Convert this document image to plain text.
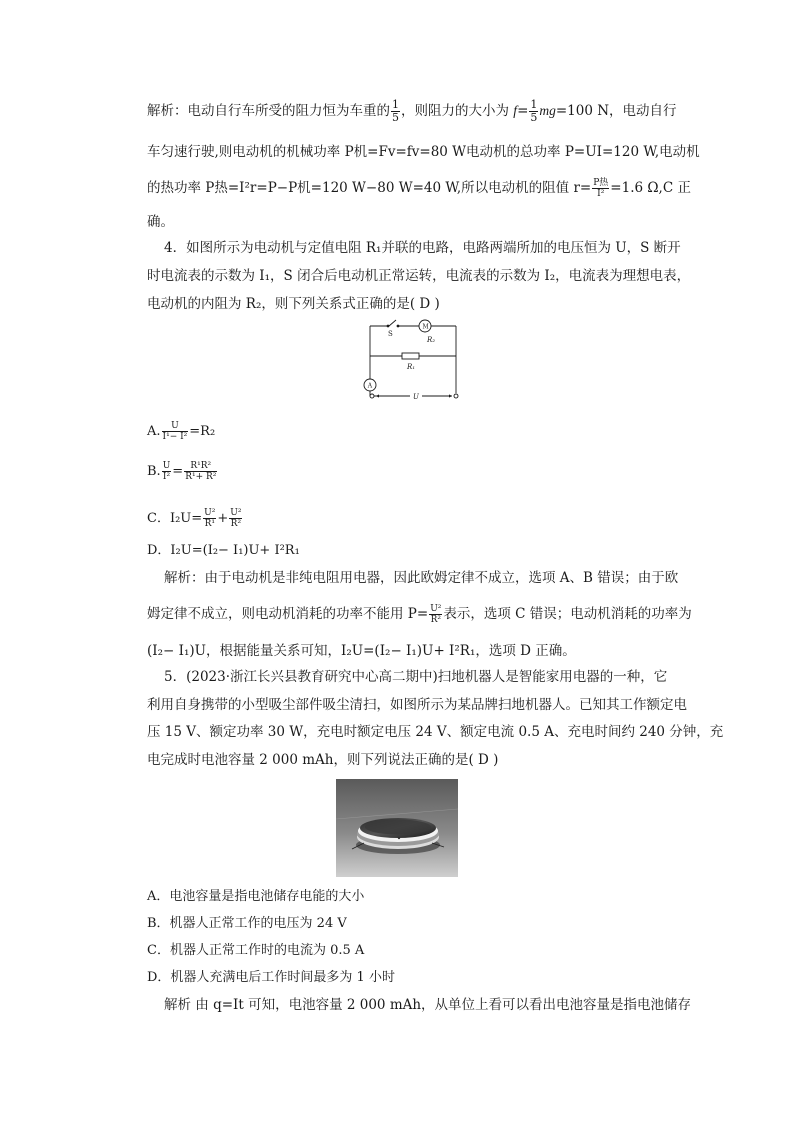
解析：电动自行车所受的阻力恒为车重的 $\frac{1}{5}$ ，则阻力的大小为 $f= \frac{1}{5} mg=100$ N，电动自行
车匀速行驶,则电动机的机械功率 P机=Fv=fv=80 W电动机的总功率 P=UI=120 W,电动机
的热功率 P热=I²r=P−P机=120 W−80 W=40 W,所以电动机的阻值 $r= \frac{\text{P热}}{\text{I²}} =1.6$ Ω,C 正
确。
4．如图所示为电动机与定值电阻 R₁并联的电路，电路两端所加的电压恒为 U，S 断开
时电流表的示数为 I₁，S 闭合后电动机正常运转，电流表的示数为 I₂，电流表为理想电表，
电动机的内阻为 R₂，则下列关系式正确的是( D )
S
M
R₂
R₁
A
U
A. $\frac{U}{\text{I¹− I²}} =R_2$
B. $\frac{U}{\text{I²}} = \frac{\text{R¹R²}}{\text{R¹+ R²}}$
C．$I_2U= \frac{\text{U²}}{\text{R¹}} + \frac{\text{U²}}{\text{R²}}$
D．I₂U=(I₂− I₁)U+ I²R₁
解析：由于电动机是非纯电阻用电器，因此欧姆定律不成立，选项 A、B 错误；由于欧
姆定律不成立，则电动机消耗的功率不能用 $P= \frac{\text{U²}}{\text{R²}}$ 表示，选项 C 错误；电动机消耗的功率为
(I₂− I₁)U，根据能量关系可知，I₂U=(I₂− I₁)U+ I²R₁，选项 D 正确。
5．(2023·浙江长兴县教育研究中心高二期中)扫地机器人是智能家用电器的一种，它
利用自身携带的小型吸尘部件吸尘清扫，如图所示为某品牌扫地机器人。已知其工作额定电
压 15 V、额定功率 30 W，充电时额定电压 24 V、额定电流 0.5 A、充电时间约 240 分钟，充
电完成时电池容量 2 000 mAh，则下列说法正确的是( D )
A．电池容量是指电池储存电能的大小
B．机器人正常工作的电压为 24 V
C．机器人正常工作时的电流为 0.5 A
D．机器人充满电后工作时间最多为 1 小时
解析 由 q=It 可知，电池容量 2 000 mAh，从单位上看可以看出电池容量是指电池储存
